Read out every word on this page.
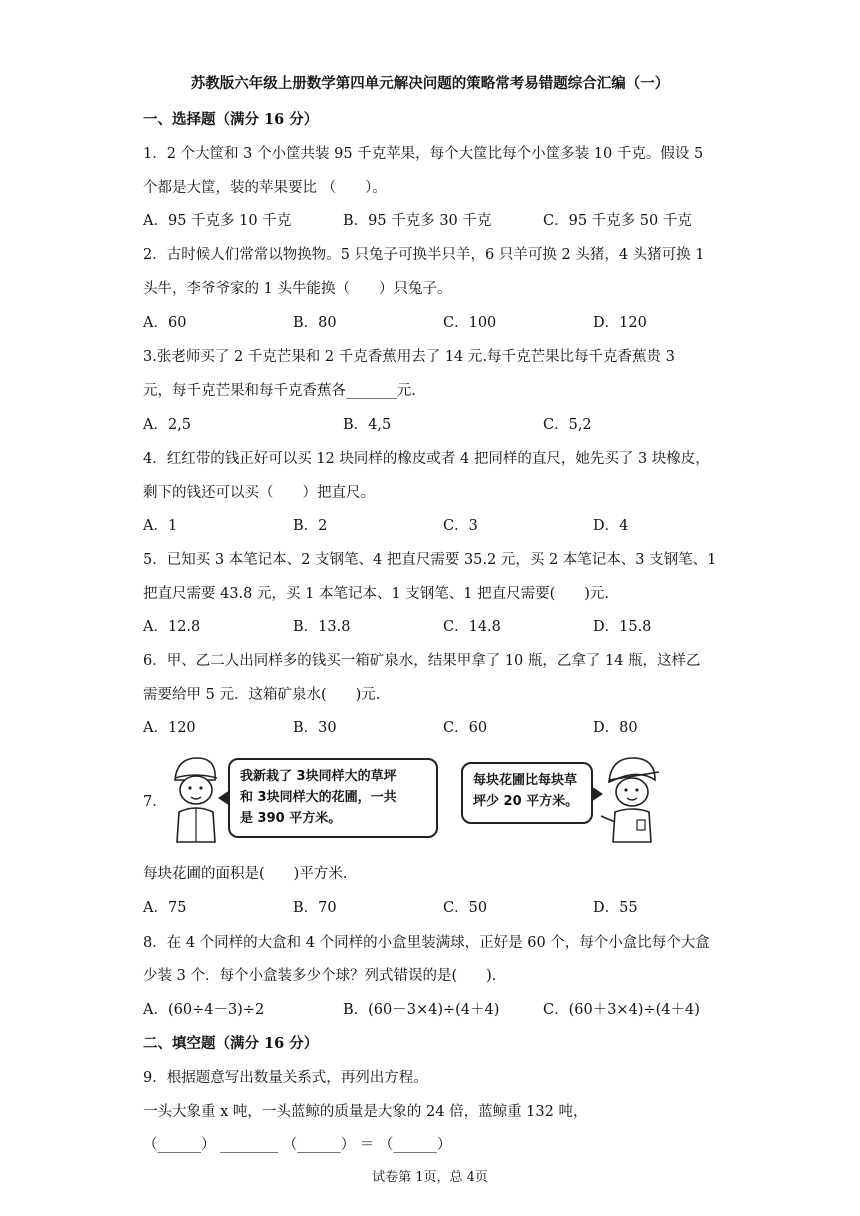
苏教版六年级上册数学第四单元解决问题的策略常考易错题综合汇编（一）
一、选择题（满分 16 分）
1．2 个大筐和 3 个小筐共装 95 千克苹果，每个大筐比每个小筐多装 10 千克。假设 5
个都是大筐，装的苹果要比 （　　）。
A．95 千克多 10 千克	B．95 千克多 30 千克	C．95 千克多 50 千克
2．古时候人们常常以物换物。5 只兔子可换半只羊，6 只羊可换 2 头猪，4 头猪可换 1
头牛，李爷爷家的 1 头牛能换（　　）只兔子。
A．60	B．80	C．100	D．120
3.张老师买了 2 千克芒果和 2 千克香蕉用去了 14 元.每千克芒果比每千克香蕉贵 3
元，每千克芒果和每千克香蕉各_______元.
A．2,5	B．4,5	C．5,2
4．红红带的钱正好可以买 12 块同样的橡皮或者 4 把同样的直尺，她先买了 3 块橡皮，
剩下的钱还可以买（　　）把直尺。
A．1	B．2	C．3	D．4
5．已知买 3 本笔记本、2 支钢笔、4 把直尺需要 35.2 元，买 2 本笔记本、3 支钢笔、1
把直尺需要 43.8 元，买 1 本笔记本、1 支钢笔、1 把直尺需要(　　)元.
A．12.8	B．13.8	C．14.8	D．15.8
6．甲、乙二人出同样多的钱买一箱矿泉水，结果甲拿了 10 瓶，乙拿了 14 瓶，这样乙
需要给甲 5 元．这箱矿泉水(　　)元.
A．120	B．30	C．60	D．80
7．
我新栽了 3块同样大的草坪
和 3块同样大的花圃，一共
是 390 平方米。
每块花圃比每块草
坪少 20 平方米。
每块花圃的面积是(　　)平方米.
A．75	B．70	C．50	D．55
8．在 4 个同样的大盒和 4 个同样的小盒里装满球，正好是 60 个，每个小盒比每个大盒
少装 3 个．每个小盒装多少个球？列式错误的是(　　).
A．(60÷4－3)÷2	B．(60－3×4)÷(4＋4)	C．(60＋3×4)÷(4＋4)
二、填空题（满分 16 分）
9．根据题意写出数量关系式，再列出方程。
一头大象重 x 吨，一头蓝鲸的质量是大象的 24 倍，蓝鲸重 132 吨，
（______） ________ （______） ＝ （______）
试卷第 1页，总 4页
